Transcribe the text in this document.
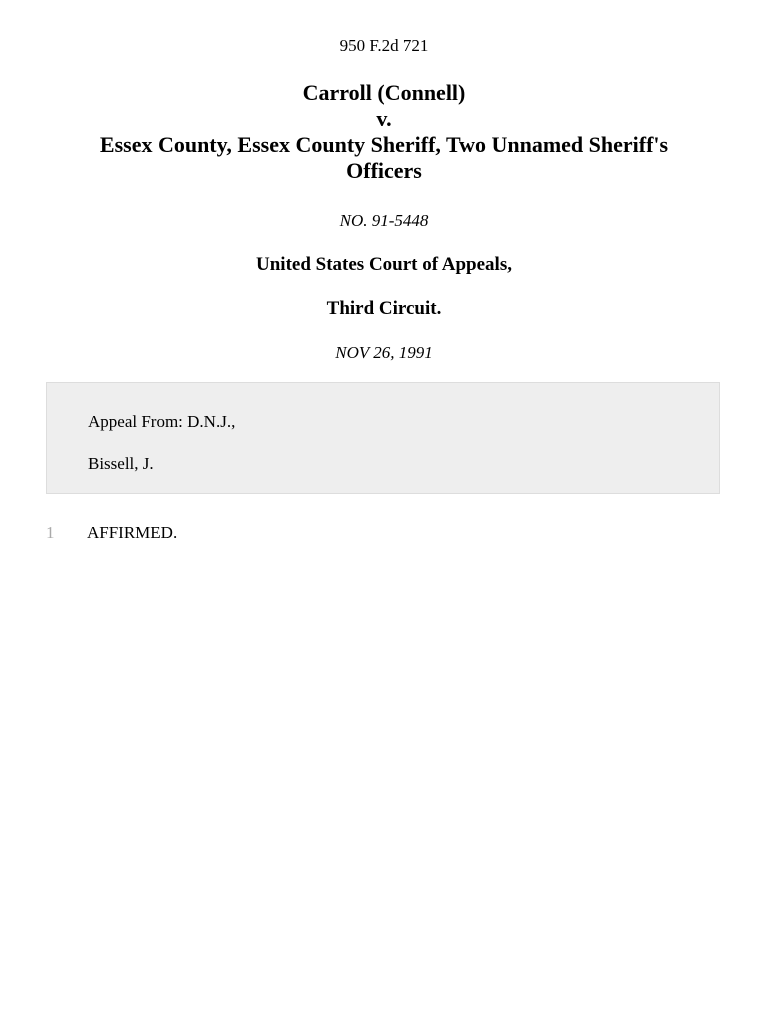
950 F.2d 721
Carroll (Connell)
v.
Essex County, Essex County Sheriff, Two Unnamed Sheriff's
Officers
NO. 91-5448
United States Court of Appeals,
Third Circuit.
NOV 26, 1991
Appeal From: D.N.J.,
Bissell, J.
1 AFFIRMED.
